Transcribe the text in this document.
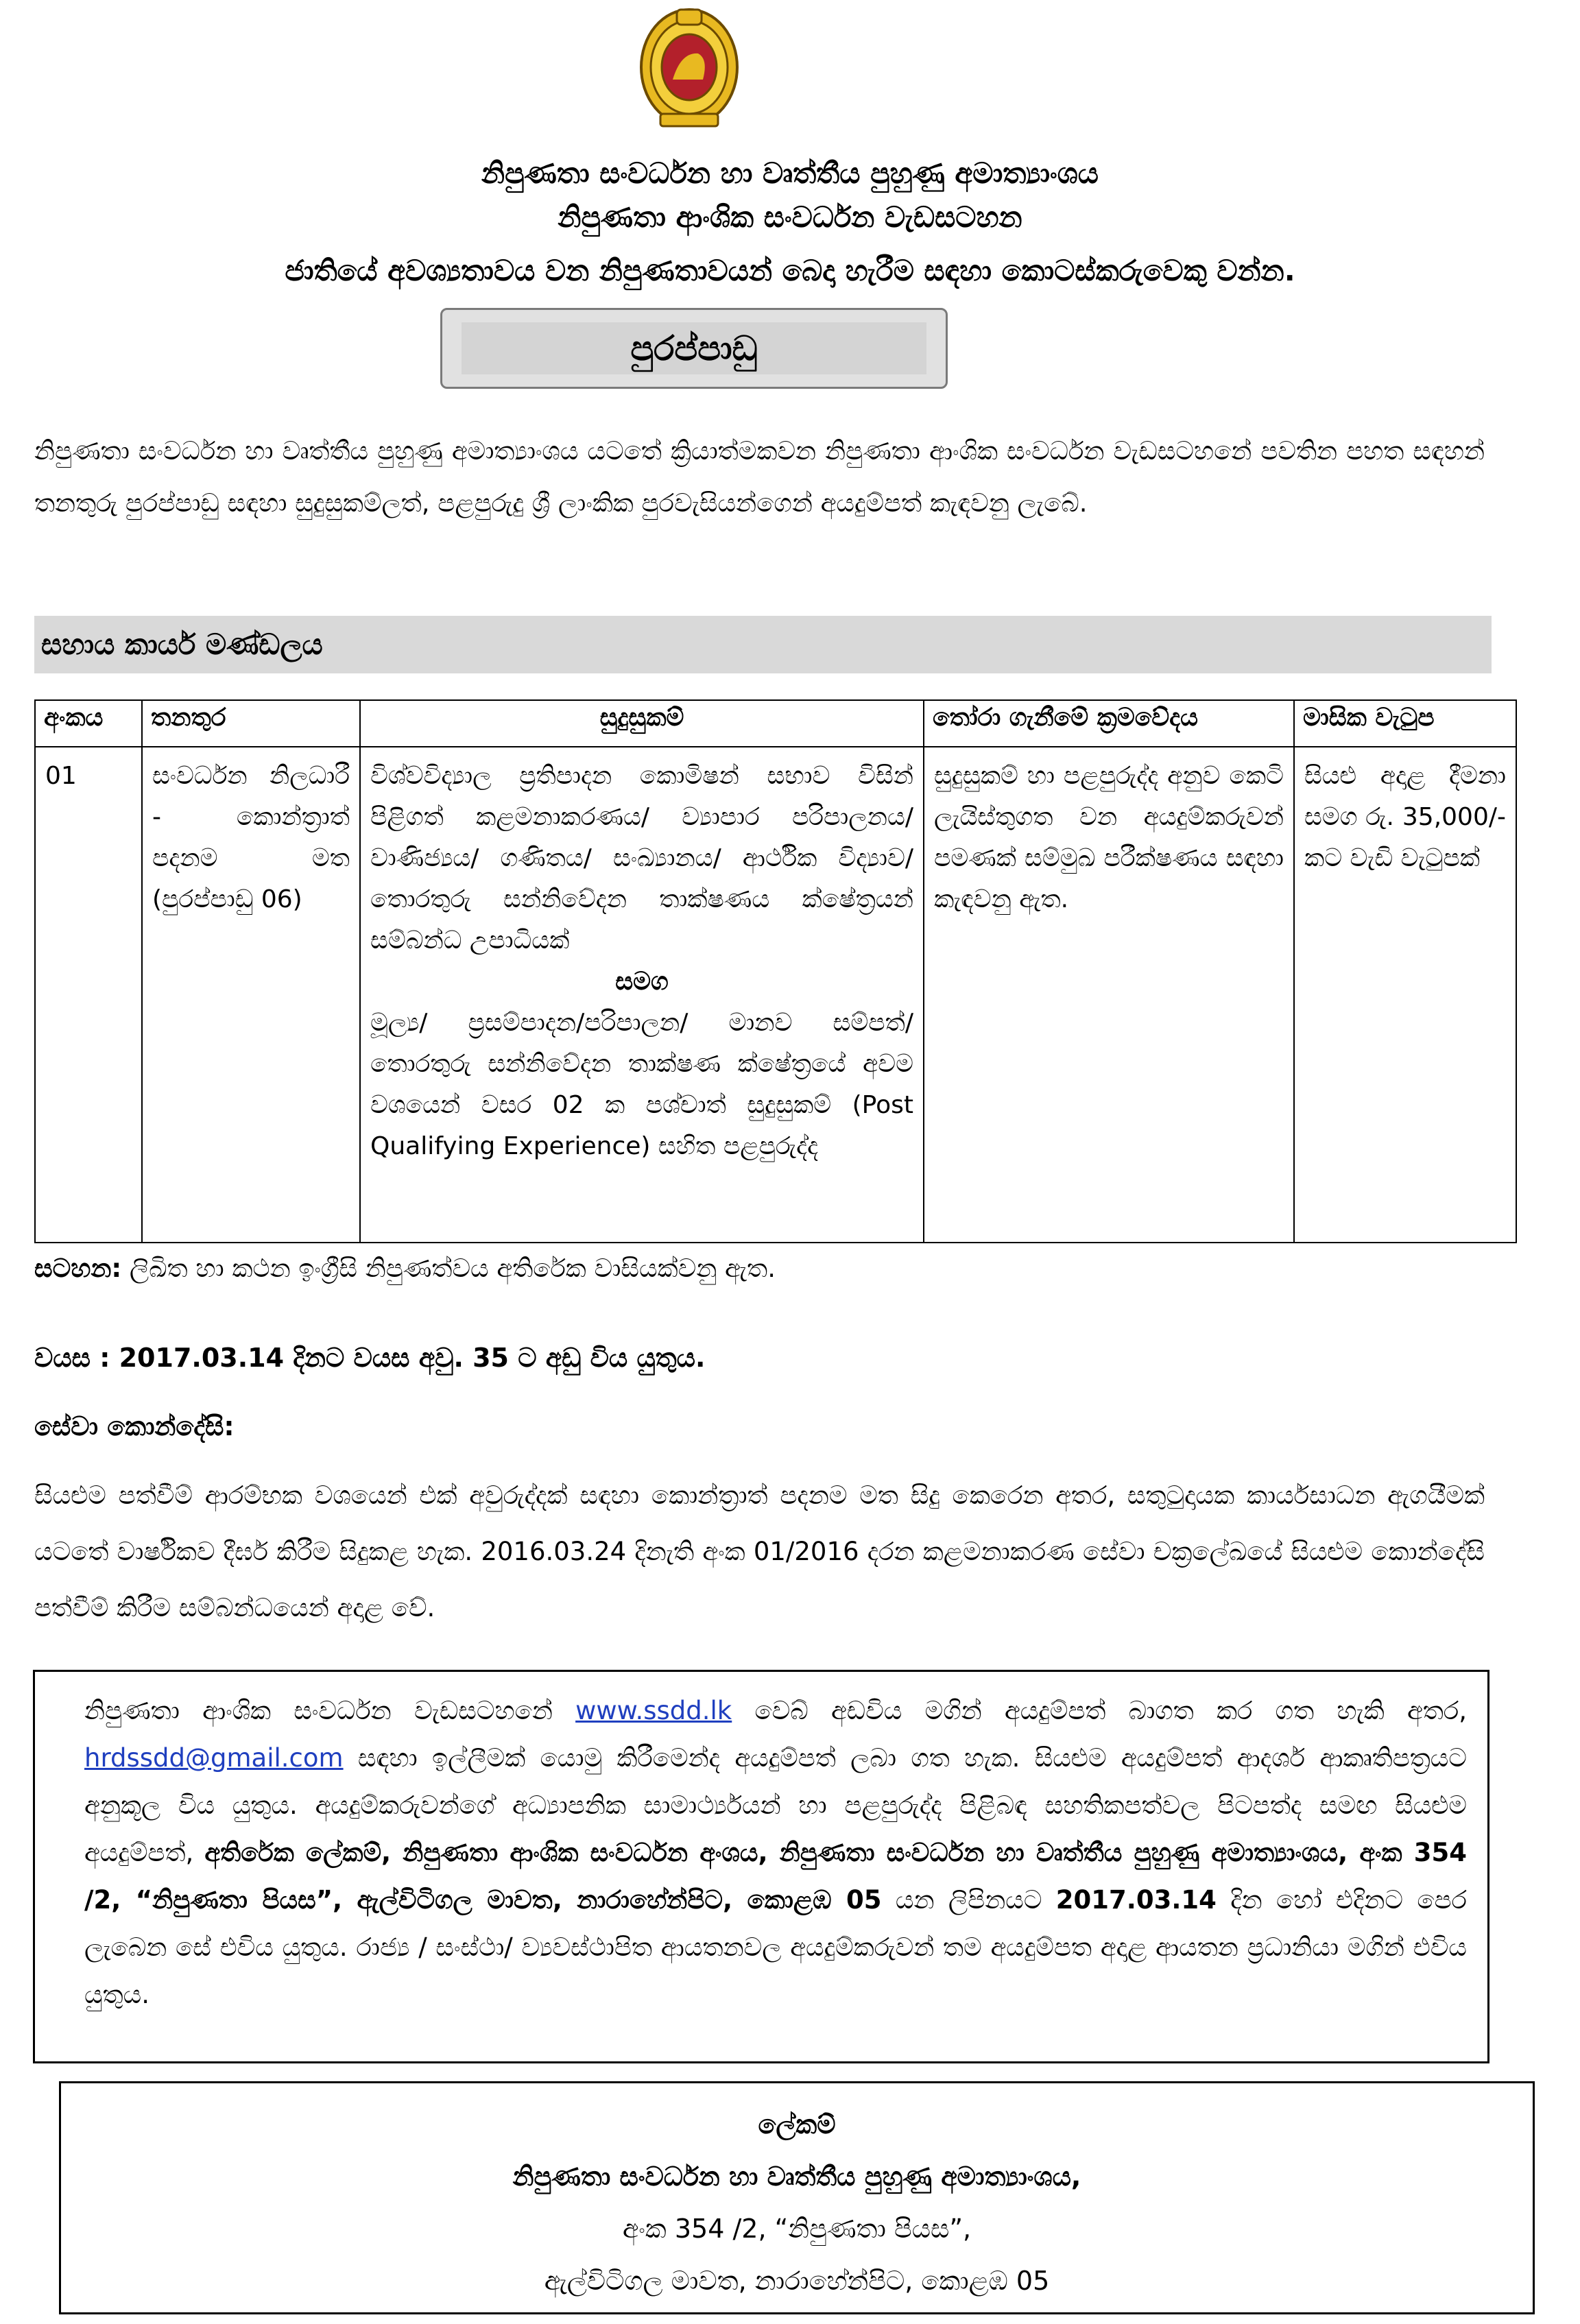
නිපුණතා සංවර්ධන හා වෘත්තීය පුහුණු අමාත්‍යාංශය
නිපුණතා ආංශික සංවර්ධන වැඩසටහන
ජාතියේ අවශ්‍යතාවය වන නිපුණතාවයන් බෙදා හැරීම සඳහා කොටස්කරුවෙකු වන්න.
පුරප්පාඩු
නිපුණතා සංවර්ධන හා වෘත්තීය පුහුණු අමාත්‍යාංශය යටතේ ක්‍රියාත්මකවන නිපුණතා ආංශික සංවර්ධන වැඩසටහනේ පවතින පහත සඳහන් තනතුරු පුරප්පාඩු සඳහා සුදුසුකම්ලත්, පළපුරුදු ශ්‍රී ලාංකික පුරවැසියන්ගෙන් අයදුම්පත් කැඳවනු ලැබේ.
සහාය කාර්ය මණ්ඩලය
අංකය	තනතුර	සුදුසුකම්	තෝරා ගැනීමේ ක්‍රමවේදය	මාසික වැටුප
01	සංවර්ධන නිලධාරී - කොන්ත්‍රාත් පදනම මත (පුරප්පාඩු 06)	විශ්වවිද්‍යාල ප්‍රතිපාදන කොමිෂන් සභාව විසින් පිළිගත් කළමනාකරණය/ ව්‍යාපාර පරිපාලනය/ වාණිජ්‍යය/ ගණිතය/ සංඛ්‍යානය/ ආර්ථික විද්‍යාව/ තොරතුරු සන්නිවේදන තාක්ෂණය ක්ෂේත්‍රයන් සම්බන්ධ උපාධියක්
සමග
මූල්‍ය/ ප්‍රසම්පාදන/පරිපාලන/ මානව සම්පත්/ තොරතුරු සන්නිවේදන තාක්ෂණ ක්ෂේත්‍රයේ අවම වශයෙන් වසර 02 ක පශ්චාත් සුදුසුකම් (Post Qualifying Experience) සහිත පළපුරුද්ද	සුදුසුකම් හා පළපුරුද්ද අනුව කෙටි ලැයිස්තුගත වන අයදුම්කරුවන් පමණක් සම්මුඛ පරීක්ෂණය සඳහා කැඳවනු ඇත.	සියළු අදාළ දීමනා සමග රු. 35,000/- කට වැඩි වැටුපක්
සටහන: ලිඛිත හා කථන ඉංග්‍රීසි නිපුණත්වය අතිරේක වාසියක්වනු ඇත.
වයස : 2017.03.14 දිනට වයස අවු. 35 ට අඩු විය යුතුය.
සේවා කොන්දේසි:
සියළුම පත්වීම් ආරම්භක වශයෙන් එක් අවුරුද්දක් සඳහා කොන්ත්‍රාත් පදනම මත සිදු කෙරෙන අතර, සතුටුදායක කාර්යසාධන ඇගයීමක් යටතේ වාර්ෂිකව දීර්ඝ කිරීම සිදුකළ හැක. 2016.03.24 දිනැති අංක 01/2016 දරන කළමනාකරණ සේවා චක්‍රලේඛයේ සියළුම කොන්දේසි පත්වීම් කිරීම සම්බන්ධයෙන් අදාළ වේ.
නිපුණතා ආංශික සංවර්ධන වැඩසටහනේ www.ssdd.lk වෙබ් අඩවිය මගින් අයදුම්පත් බාගත කර ගත හැකි අතර, hrdssdd@gmail.com සඳහා ඉල්ලීමක් යොමු කිරීමෙන්ද අයදුම්පත් ලබා ගත හැක. සියළුම අයදුම්පත් ආදර්ශ ආකෘතිපත්‍රයට අනුකූල විය යුතුය. අයදුම්කරුවන්ගේ අධ්‍යාපනික සාමාර්ථ්‍යයන් හා පළපුරුද්ද පිළිබඳ සහතිකපත්වල පිටපත්ද සමඟ සියළුම අයදුම්පත්, අතිරේක ලේකම්, නිපුණතා ආංශික සංවර්ධන අංශය, නිපුණතා සංවර්ධන හා වෘත්තීය පුහුණු අමාත්‍යාංශය, අංක 354 /2, “නිපුණතා පියස”, ඇල්විටිගල මාවත, නාරාහේන්පිට, කොළඹ 05 යන ලිපිනයට 2017.03.14 දින හෝ එදිනට පෙර ලැබෙන සේ එවිය යුතුය. රාජ්‍ය / සංස්ථා/ ව්‍යවස්ථාපිත ආයතනවල අයදුම්කරුවන් තම අයදුම්පත අදාළ ආයතන ප්‍රධානියා මගින් එවිය යුතුය.
ලේකම්
නිපුණතා සංවර්ධන හා වෘත්තීය පුහුණු අමාත්‍යාංශය,
අංක 354 /2, “නිපුණතා පියස”,
ඇල්විටිගල මාවත, නාරාහේන්පිට, කොළඹ 05
